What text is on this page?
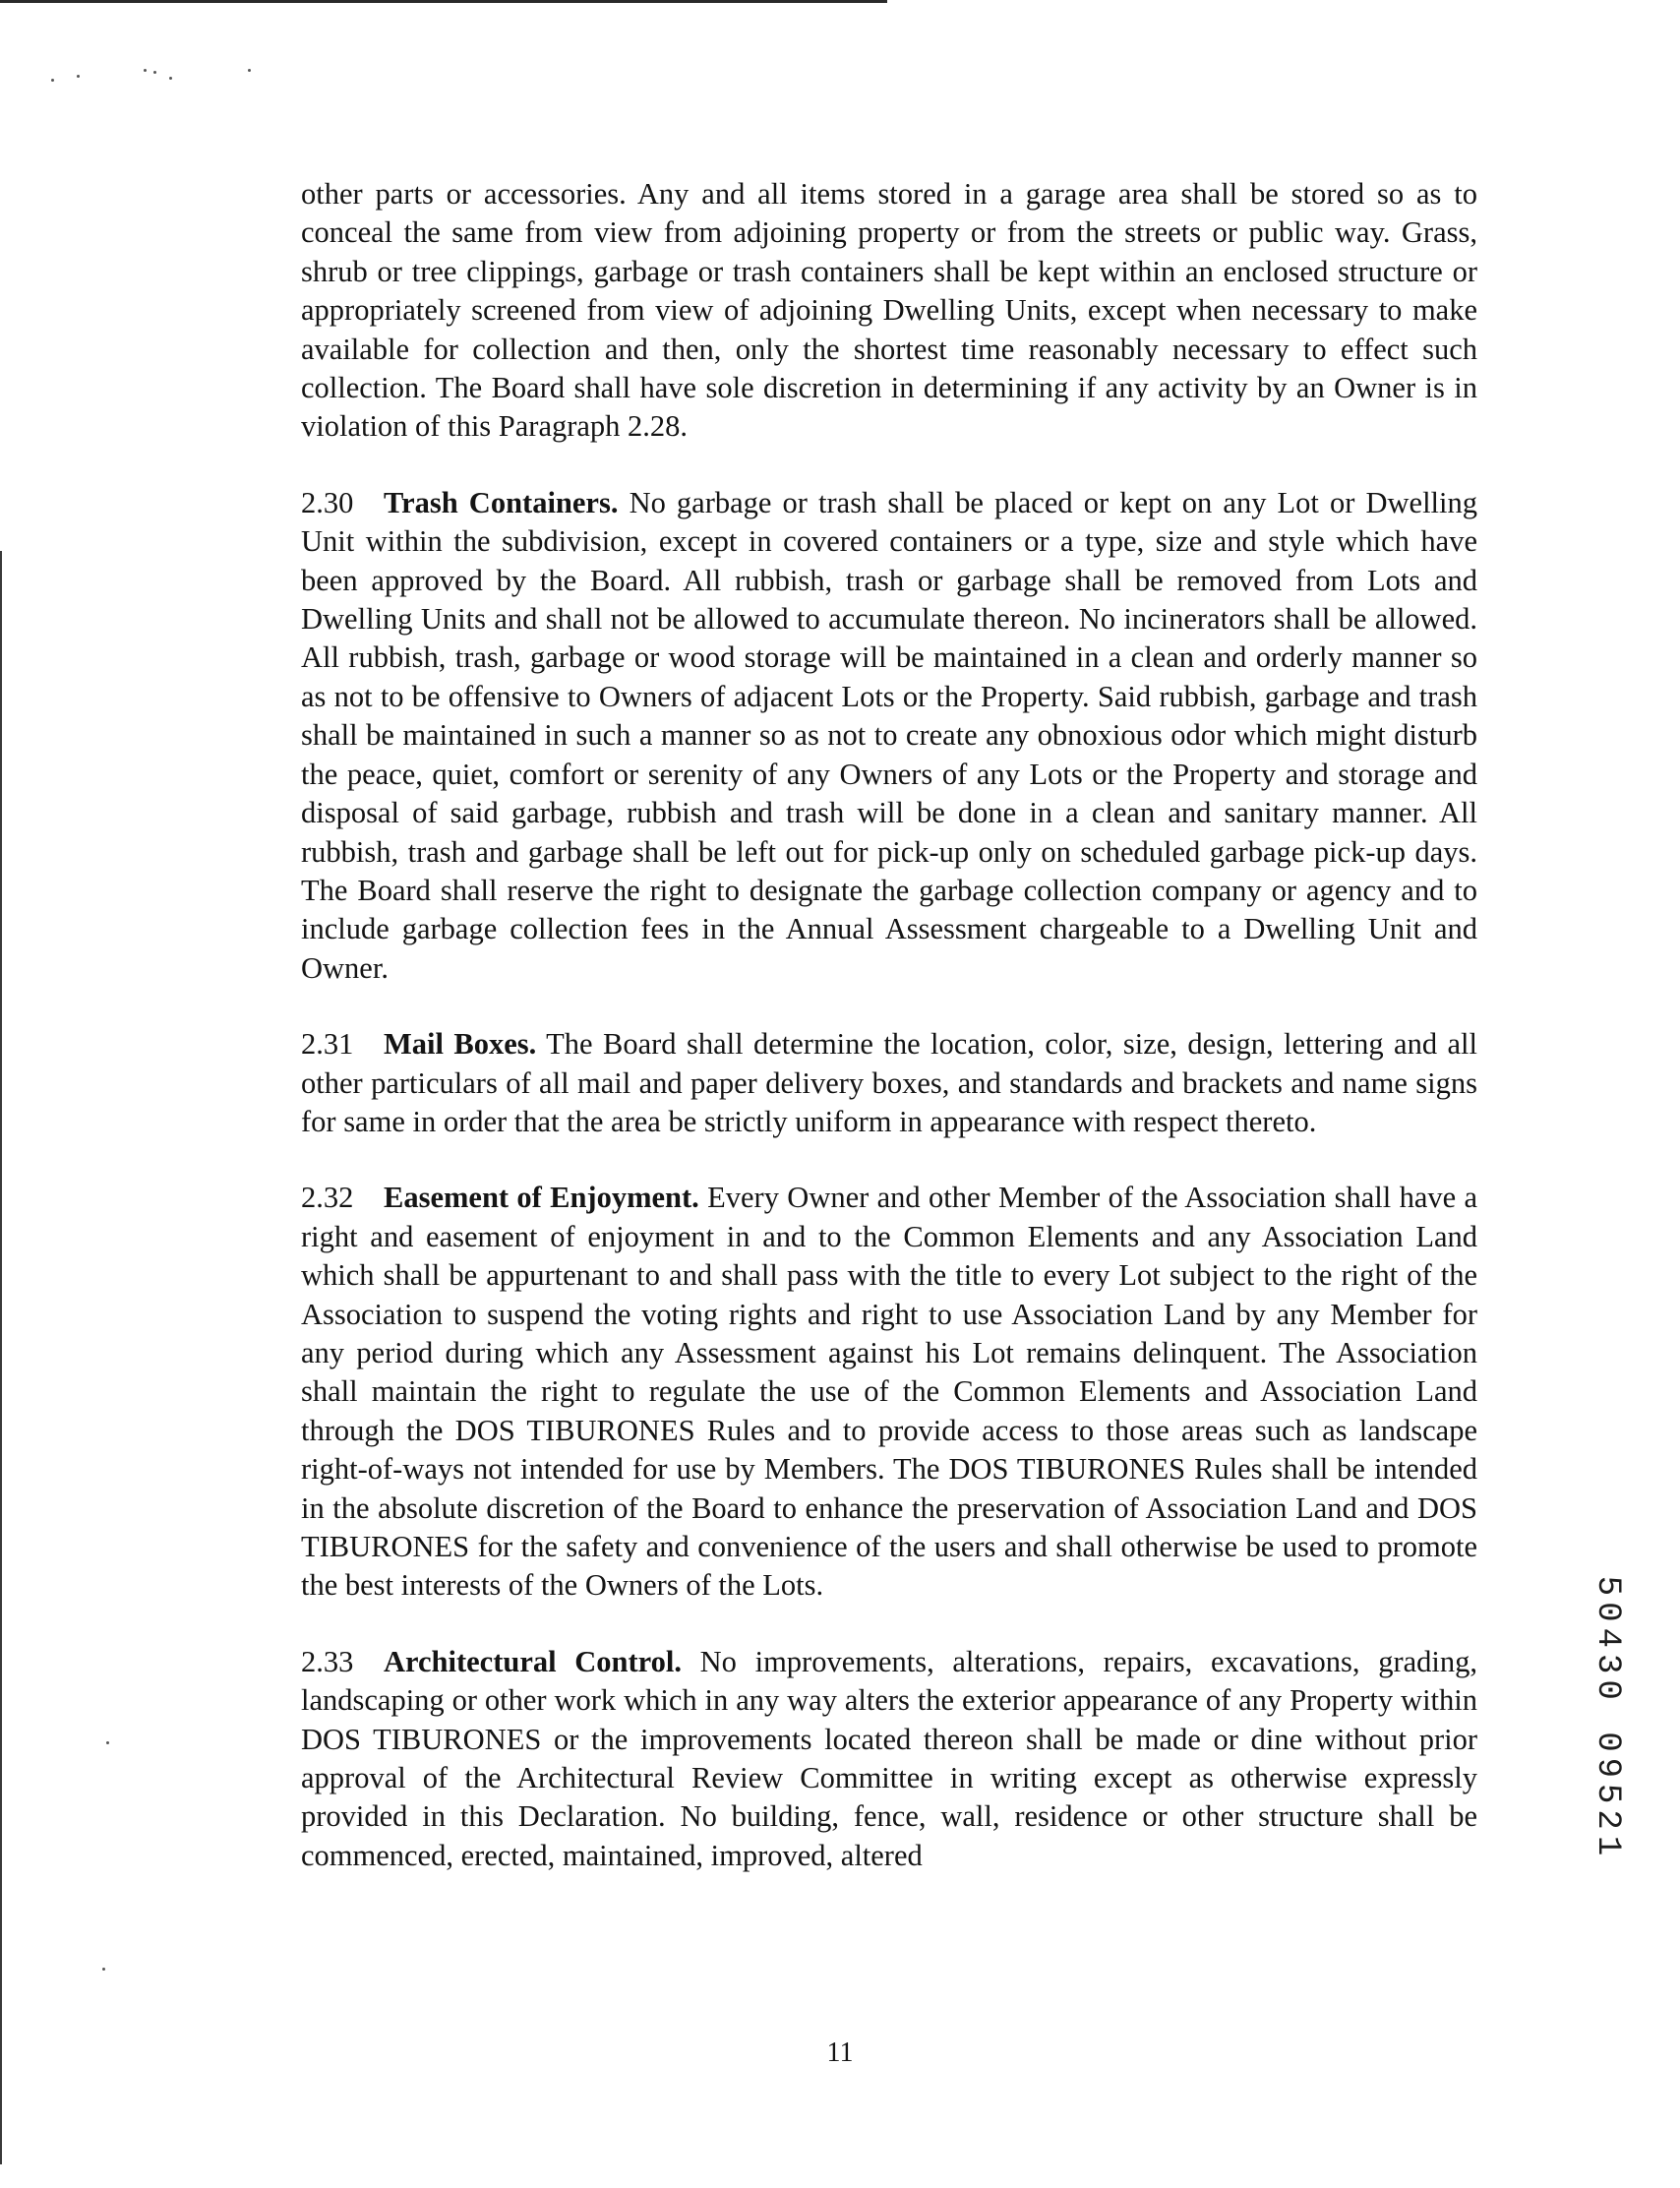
other parts or accessories. Any and all items stored in a garage area shall be stored so as to conceal the same from view from adjoining property or from the streets or public way. Grass, shrub or tree clippings, garbage or trash containers shall be kept within an enclosed structure or appropriately screened from view of adjoining Dwelling Units, except when necessary to make available for collection and then, only the shortest time reasonably necessary to effect such collection. The Board shall have sole discretion in determining if any activity by an Owner is in violation of this Paragraph 2.28.

2.30 Trash Containers. No garbage or trash shall be placed or kept on any Lot or Dwelling Unit within the subdivision, except in covered containers or a type, size and style which have been approved by the Board. All rubbish, trash or garbage shall be removed from Lots and Dwelling Units and shall not be allowed to accumulate thereon. No incinerators shall be allowed. All rubbish, trash, garbage or wood storage will be maintained in a clean and orderly manner so as not to be offensive to Owners of adjacent Lots or the Property. Said rubbish, garbage and trash shall be maintained in such a manner so as not to create any obnoxious odor which might disturb the peace, quiet, comfort or serenity of any Owners of any Lots or the Property and storage and disposal of said garbage, rubbish and trash will be done in a clean and sanitary manner. All rubbish, trash and garbage shall be left out for pick-up only on scheduled garbage pick-up days. The Board shall reserve the right to designate the garbage collection company or agency and to include garbage collection fees in the Annual Assessment chargeable to a Dwelling Unit and Owner.

2.31 Mail Boxes. The Board shall determine the location, color, size, design, lettering and all other particulars of all mail and paper delivery boxes, and standards and brackets and name signs for same in order that the area be strictly uniform in appearance with respect thereto.

2.32 Easement of Enjoyment. Every Owner and other Member of the Association shall have a right and easement of enjoyment in and to the Common Elements and any Association Land which shall be appurtenant to and shall pass with the title to every Lot subject to the right of the Association to suspend the voting rights and right to use Association Land by any Member for any period during which any Assessment against his Lot remains delinquent. The Association shall maintain the right to regulate the use of the Common Elements and Association Land through the DOS TIBURONES Rules and to provide access to those areas such as landscape right-of-ways not intended for use by Members. The DOS TIBURONES Rules shall be intended in the absolute discretion of the Board to enhance the preservation of Association Land and DOS TIBURONES for the safety and convenience of the users and shall otherwise be used to promote the best interests of the Owners of the Lots.

2.33 Architectural Control. No improvements, alterations, repairs, excavations, grading, landscaping or other work which in any way alters the exterior appearance of any Property within DOS TIBURONES or the improvements located thereon shall be made or dine without prior approval of the Architectural Review Committee in writing except as otherwise expressly provided in this Declaration. No building, fence, wall, residence or other structure shall be commenced, erected, maintained, improved, altered	50430 09521
11
